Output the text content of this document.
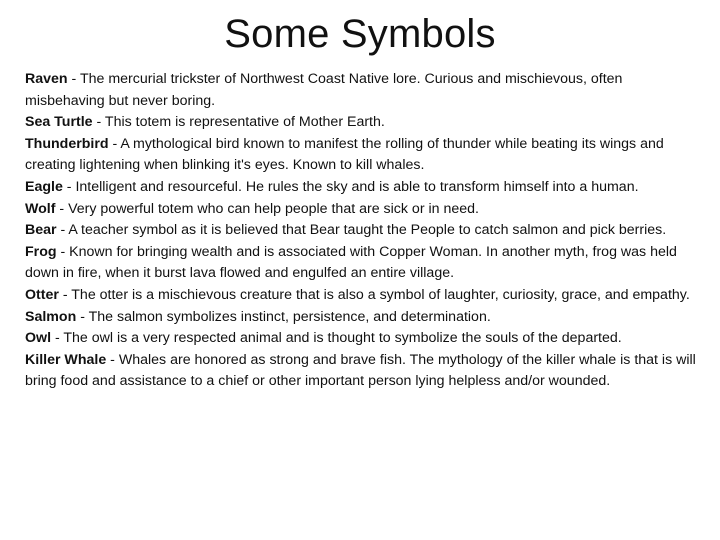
Some Symbols

Raven - The mercurial trickster of Northwest Coast Native lore. Curious and mischievous, often misbehaving but never boring.

Sea Turtle - This totem is representative of Mother Earth.

Thunderbird - A mythological bird known to manifest the rolling of thunder while beating its wings and creating lightening when blinking it's eyes. Known to kill whales.

Eagle - Intelligent and resourceful. He rules the sky and is able to transform himself into a human.

Wolf - Very powerful totem who can help people that are sick or in need.

Bear - A teacher symbol as it is believed that Bear taught the People to catch salmon and pick berries.

Frog - Known for bringing wealth and is associated with Copper Woman. In another myth, frog was held down in fire, when it burst lava flowed and engulfed an entire village.

Otter - The otter is a mischievous creature that is also a symbol of laughter, curiosity, grace, and empathy.

Salmon - The salmon symbolizes instinct, persistence, and determination.

Owl - The owl is a very respected animal and is thought to symbolize the souls of the departed.

Killer Whale - Whales are honored as strong and brave fish. The mythology of the killer whale is that is will bring food and assistance to a chief or other important person lying helpless and/or wounded.
